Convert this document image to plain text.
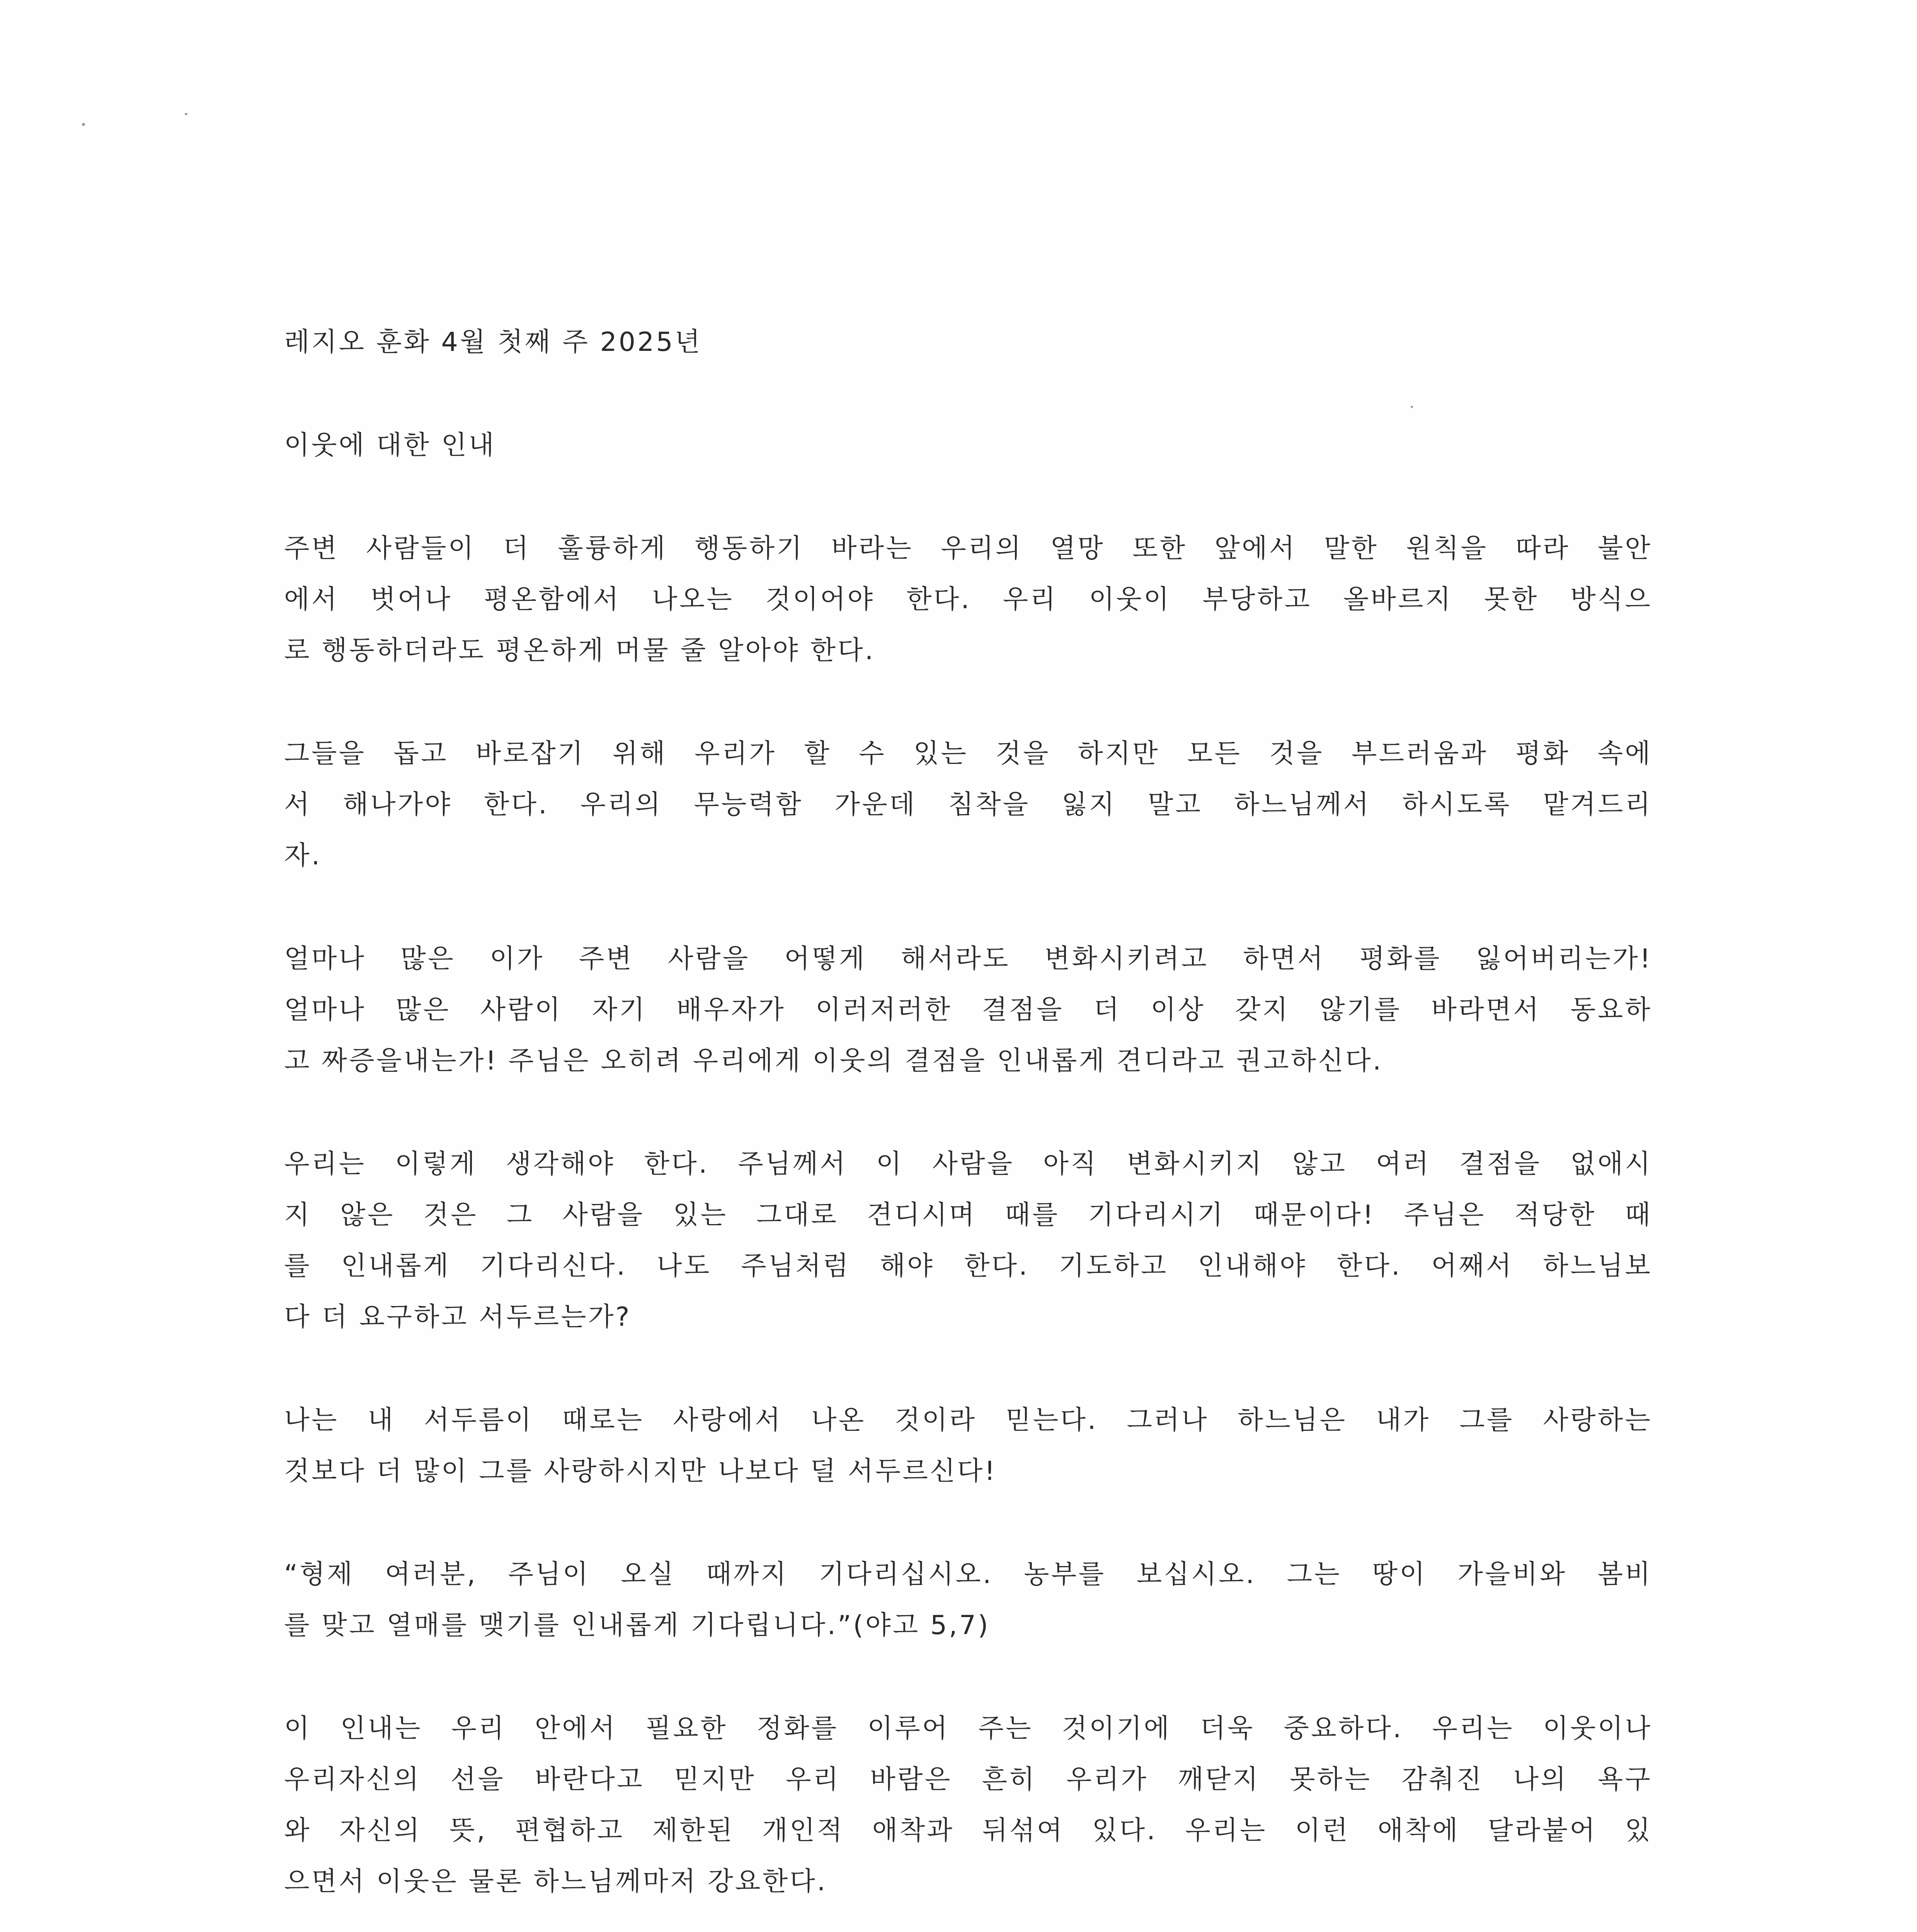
레지오 훈화 4월 첫째 주 2025년
이웃에 대한 인내
주변 사람들이 더 훌륭하게 행동하기 바라는 우리의 열망 또한 앞에서 말한 원칙을 따라 불안
에서 벗어나 평온함에서 나오는 것이어야 한다. 우리 이웃이 부당하고 올바르지 못한 방식으
로 행동하더라도 평온하게 머물 줄 알아야 한다.
그들을 돕고 바로잡기 위해 우리가 할 수 있는 것을 하지만 모든 것을 부드러움과 평화 속에
서 해나가야 한다. 우리의 무능력함 가운데 침착을 잃지 말고 하느님께서 하시도록 맡겨드리
자.
얼마나 많은 이가 주변 사람을 어떻게 해서라도 변화시키려고 하면서 평화를 잃어버리는가!
얼마나 많은 사람이 자기 배우자가 이러저러한 결점을 더 이상 갖지 않기를 바라면서 동요하
고 짜증을내는가! 주님은 오히려 우리에게 이웃의 결점을 인내롭게 견디라고 권고하신다.
우리는 이렇게 생각해야 한다. 주님께서 이 사람을 아직 변화시키지 않고 여러 결점을 없애시
지 않은 것은 그 사람을 있는 그대로 견디시며 때를 기다리시기 때문이다! 주님은 적당한 때
를 인내롭게 기다리신다. 나도 주님처럼 해야 한다. 기도하고 인내해야 한다. 어째서 하느님보
다 더 요구하고 서두르는가?
나는 내 서두름이 때로는 사랑에서 나온 것이라 믿는다. 그러나 하느님은 내가 그를 사랑하는
것보다 더 많이 그를 사랑하시지만 나보다 덜 서두르신다!
“형제 여러분, 주님이 오실 때까지 기다리십시오. 농부를 보십시오. 그는 땅이 가을비와 봄비
를 맞고 열매를 맺기를 인내롭게 기다립니다.”(야고 5,7)
이 인내는 우리 안에서 필요한 정화를 이루어 주는 것이기에 더욱 중요하다. 우리는 이웃이나
우리자신의 선을 바란다고 믿지만 우리 바람은 흔히 우리가 깨닫지 못하는 감춰진 나의 욕구
와 자신의 뜻, 편협하고 제한된 개인적 애착과 뒤섞여 있다. 우리는 이런 애착에 달라붙어 있
으면서 이웃은 물론 하느님께마저 강요한다.
